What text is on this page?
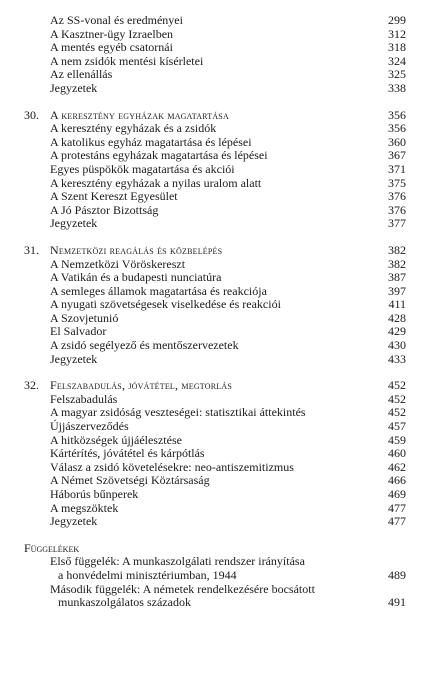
Az SS-vonal és eredményei	299
A Kasztner-ügy Izraelben	312
A mentés egyéb csatornái	318
A nem zsidók mentési kísérletei	324
Az ellenállás	325
Jegyzetek	338
30. A keresztény egyházak magatartása	356
A keresztény egyházak és a zsidók	356
A katolikus egyház magatartása és lépései	360
A protestáns egyházak magatartása és lépései	367
Egyes püspökök magatartása és akciói	371
A keresztény egyházak a nyilas uralom alatt	375
A Szent Kereszt Egyesület	376
A Jó Pásztor Bizottság	376
Jegyzetek	377
31. Nemzetközi reagálás és közbelépés	382
A Nemzetközi Vöröskereszt	382
A Vatikán és a budapesti nunciatúra	387
A semleges államok magatartása és reakciója	397
A nyugati szövetségesek viselkedése és reakciói	411
A Szovjetunió	428
El Salvador	429
A zsidó segélyező és mentőszervezetek	430
Jegyzetek	433
32. Felszabadulás, jóvátétel, megtorlás	452
Felszabadulás	452
A magyar zsidóság veszteségei: statisztikai áttekintés	452
Újjászerveződés	457
A hitközségek újjáélesztése	459
Kártérítés, jóvátétel és kárpótlás	460
Válasz a zsidó követelésekre: neo-antiszemitizmus	462
A Német Szövetségi Köztársaság	466
Háborús bűnperek	469
A megszöktek	477
Jegyzetek	477
Függelékek
Első függelék: A munkaszolgálati rendszer irányítása
a honvédelmi minisztériumban, 1944	489
Második függelék: A németek rendelkezésére bocsátott
munkaszolgálatos századok	491
